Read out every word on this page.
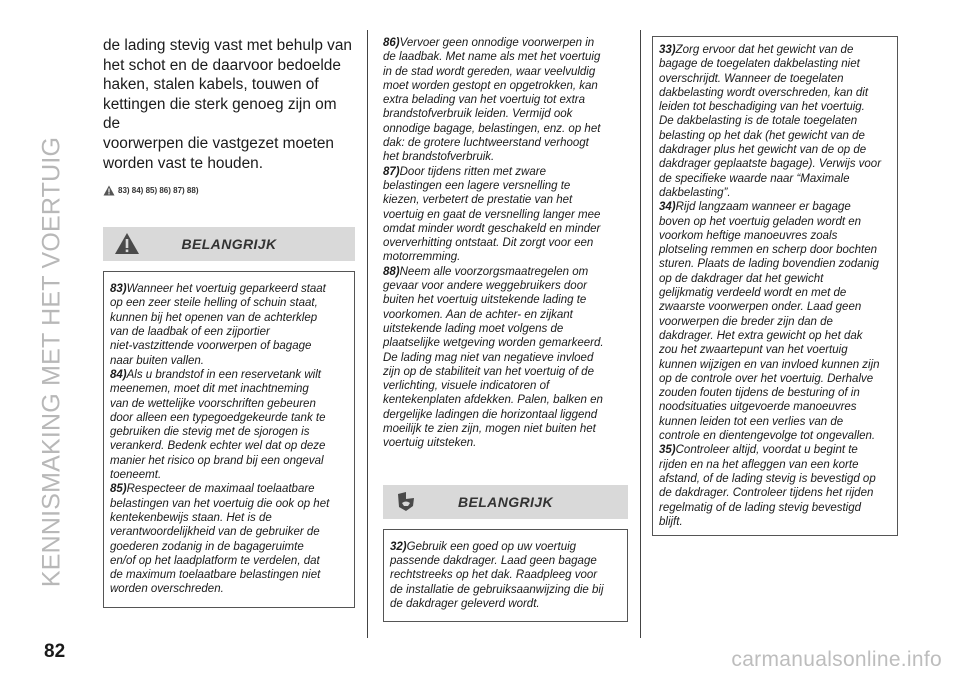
KENNISMAKING MET HET VOERTUIG
82	carmanualsonline.info

de lading stevig vast met behulp van
het schot en de daarvoor bedoelde
haken, stalen kabels, touwen of
kettingen die sterk genoeg zijn om de
voorwerpen die vastgezet moeten
worden vast te houden.

83) 84) 85) 86) 87) 88)
BELANGRIJK

83)Wanneer het voertuig geparkeerd staat
op een zeer steile helling of schuin staat,
kunnen bij het openen van de achterklep
van de laadbak of een zijportier
niet-vastzittende voorwerpen of bagage
naar buiten vallen.

84)Als u brandstof in een reservetank wilt
meenemen, moet dit met inachtneming
van de wettelijke voorschriften gebeuren
door alleen een typegoedgekeurde tank te
gebruiken die stevig met de sjorogen is
verankerd. Bedenk echter wel dat op deze
manier het risico op brand bij een ongeval
toeneemt.

85)Respecteer de maximaal toelaatbare
belastingen van het voertuig die ook op het
kentekenbewijs staan. Het is de
verantwoordelijkheid van de gebruiker de
goederen zodanig in de bagageruimte
en/of op het laadplatform te verdelen, dat
de maximum toelaatbare belastingen niet
worden overschreden.

86)Vervoer geen onnodige voorwerpen in
de laadbak. Met name als met het voertuig
in de stad wordt gereden, waar veelvuldig
moet worden gestopt en opgetrokken, kan
extra belading van het voertuig tot extra
brandstofverbruik leiden. Vermijd ook
onnodige bagage, belastingen, enz. op het
dak: de grotere luchtweerstand verhoogt
het brandstofverbruik.

87)Door tijdens ritten met zware
belastingen een lagere versnelling te
kiezen, verbetert de prestatie van het
voertuig en gaat de versnelling langer mee
omdat minder wordt geschakeld en minder
oververhitting ontstaat. Dit zorgt voor een
motorremming.

88)Neem alle voorzorgsmaatregelen om
gevaar voor andere weggebruikers door
buiten het voertuig uitstekende lading te
voorkomen. Aan de achter- en zijkant
uitstekende lading moet volgens de
plaatselijke wetgeving worden gemarkeerd.
De lading mag niet van negatieve invloed
zijn op de stabiliteit van het voertuig of de
verlichting, visuele indicatoren of
kentekenplaten afdekken. Palen, balken en
dergelijke ladingen die horizontaal liggend
moeilijk te zien zijn, mogen niet buiten het
voertuig uitsteken.

BELANGRIJK

32)Gebruik een goed op uw voertuig
passende dakdrager. Laad geen bagage
rechtstreeks op het dak. Raadpleeg voor
de installatie de gebruiksaanwijzing die bij
de dakdrager geleverd wordt.

33)Zorg ervoor dat het gewicht van de
bagage de toegelaten dakbelasting niet
overschrijdt. Wanneer de toegelaten
dakbelasting wordt overschreden, kan dit
leiden tot beschadiging van het voertuig.
De dakbelasting is de totale toegelaten
belasting op het dak (het gewicht van de
dakdrager plus het gewicht van de op de
dakdrager geplaatste bagage). Verwijs voor
de specifieke waarde naar “Maximale
dakbelasting”.

34)Rijd langzaam wanneer er bagage
boven op het voertuig geladen wordt en
voorkom heftige manoeuvres zoals
plotseling remmen en scherp door bochten
sturen. Plaats de lading bovendien zodanig
op de dakdrager dat het gewicht
gelijkmatig verdeeld wordt en met de
zwaarste voorwerpen onder. Laad geen
voorwerpen die breder zijn dan de
dakdrager. Het extra gewicht op het dak
zou het zwaartepunt van het voertuig
kunnen wijzigen en van invloed kunnen zijn
op de controle over het voertuig. Derhalve
zouden fouten tijdens de besturing of in
noodsituaties uitgevoerde manoeuvres
kunnen leiden tot een verlies van de
controle en dientengevolge tot ongevallen.

35)Controleer altijd, voordat u begint te
rijden en na het afleggen van een korte
afstand, of de lading stevig is bevestigd op
de dakdrager. Controleer tijdens het rijden
regelmatig of de lading stevig bevestigd
blijft.
